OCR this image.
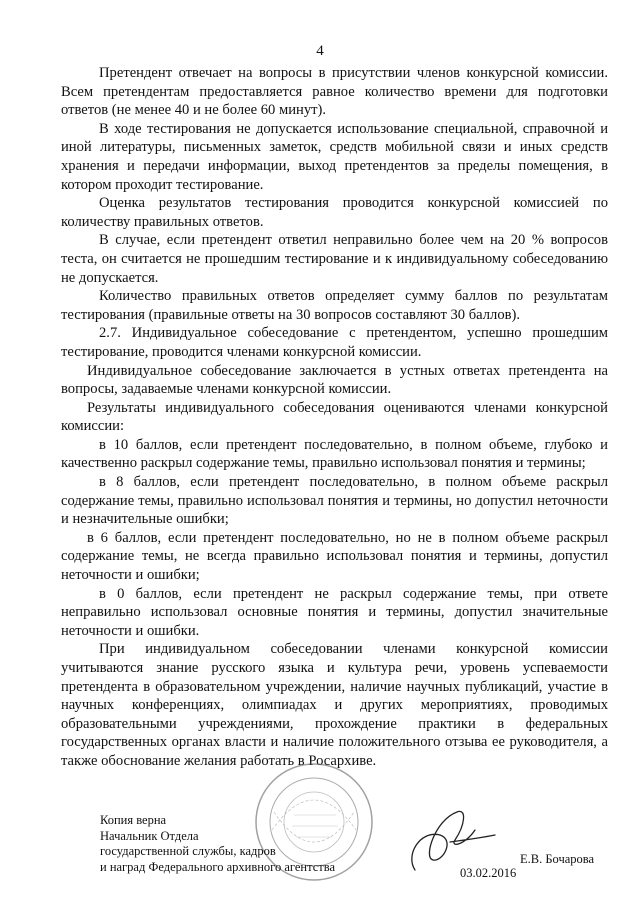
4

Претендент отвечает на вопросы в присутствии членов конкурсной комиссии. Всем претендентам предоставляется равное количество времени для подготовки ответов (не менее 40 и не более 60 минут).

В ходе тестирования не допускается использование специальной, справочной и иной литературы, письменных заметок, средств мобильной связи и иных средств хранения и передачи информации, выход претендентов за пределы помещения, в котором проходит тестирование.

Оценка результатов тестирования проводится конкурсной комиссией по количеству правильных ответов.

В случае, если претендент ответил неправильно более чем на 20 % вопросов теста, он считается не прошедшим тестирование и к индивидуальному собеседованию не допускается.

Количество правильных ответов определяет сумму баллов по результатам тестирования (правильные ответы на 30 вопросов составляют 30 баллов).

2.7. Индивидуальное собеседование с претендентом, успешно прошедшим тестирование, проводится членами конкурсной комиссии.

Индивидуальное собеседование заключается в устных ответах претендента на вопросы, задаваемые членами конкурсной комиссии.

Результаты индивидуального собеседования оцениваются членами конкурсной комиссии:

в 10 баллов, если претендент последовательно, в полном объеме, глубоко и качественно раскрыл содержание темы, правильно использовал понятия и термины;

в 8 баллов, если претендент последовательно, в полном объеме раскрыл содержание темы, правильно использовал понятия и термины, но допустил неточности и незначительные ошибки;

в 6 баллов, если претендент последовательно, но не в полном объеме раскрыл содержание темы, не всегда правильно использовал понятия и термины, допустил неточности и ошибки;

в 0 баллов, если претендент не раскрыл содержание темы, при ответе неправильно использовал основные понятия и термины, допустил значительные неточности и ошибки.

При индивидуальном собеседовании членами конкурсной комиссии учитываются знание русского языка и культура речи, уровень успеваемости претендента в образовательном учреждении, наличие научных публикаций, участие в научных конференциях, олимпиадах и других мероприятиях, проводимых образовательными учреждениями, прохождение практики в федеральных государственных органах власти и наличие положительного отзыва ее руководителя, а также обоснование желания работать в Росархиве.

Копия верна
Начальник Отдела
государственной службы, кадров
и наград Федерального архивного агентства
Е.В. Бочарова
03.02.2016
